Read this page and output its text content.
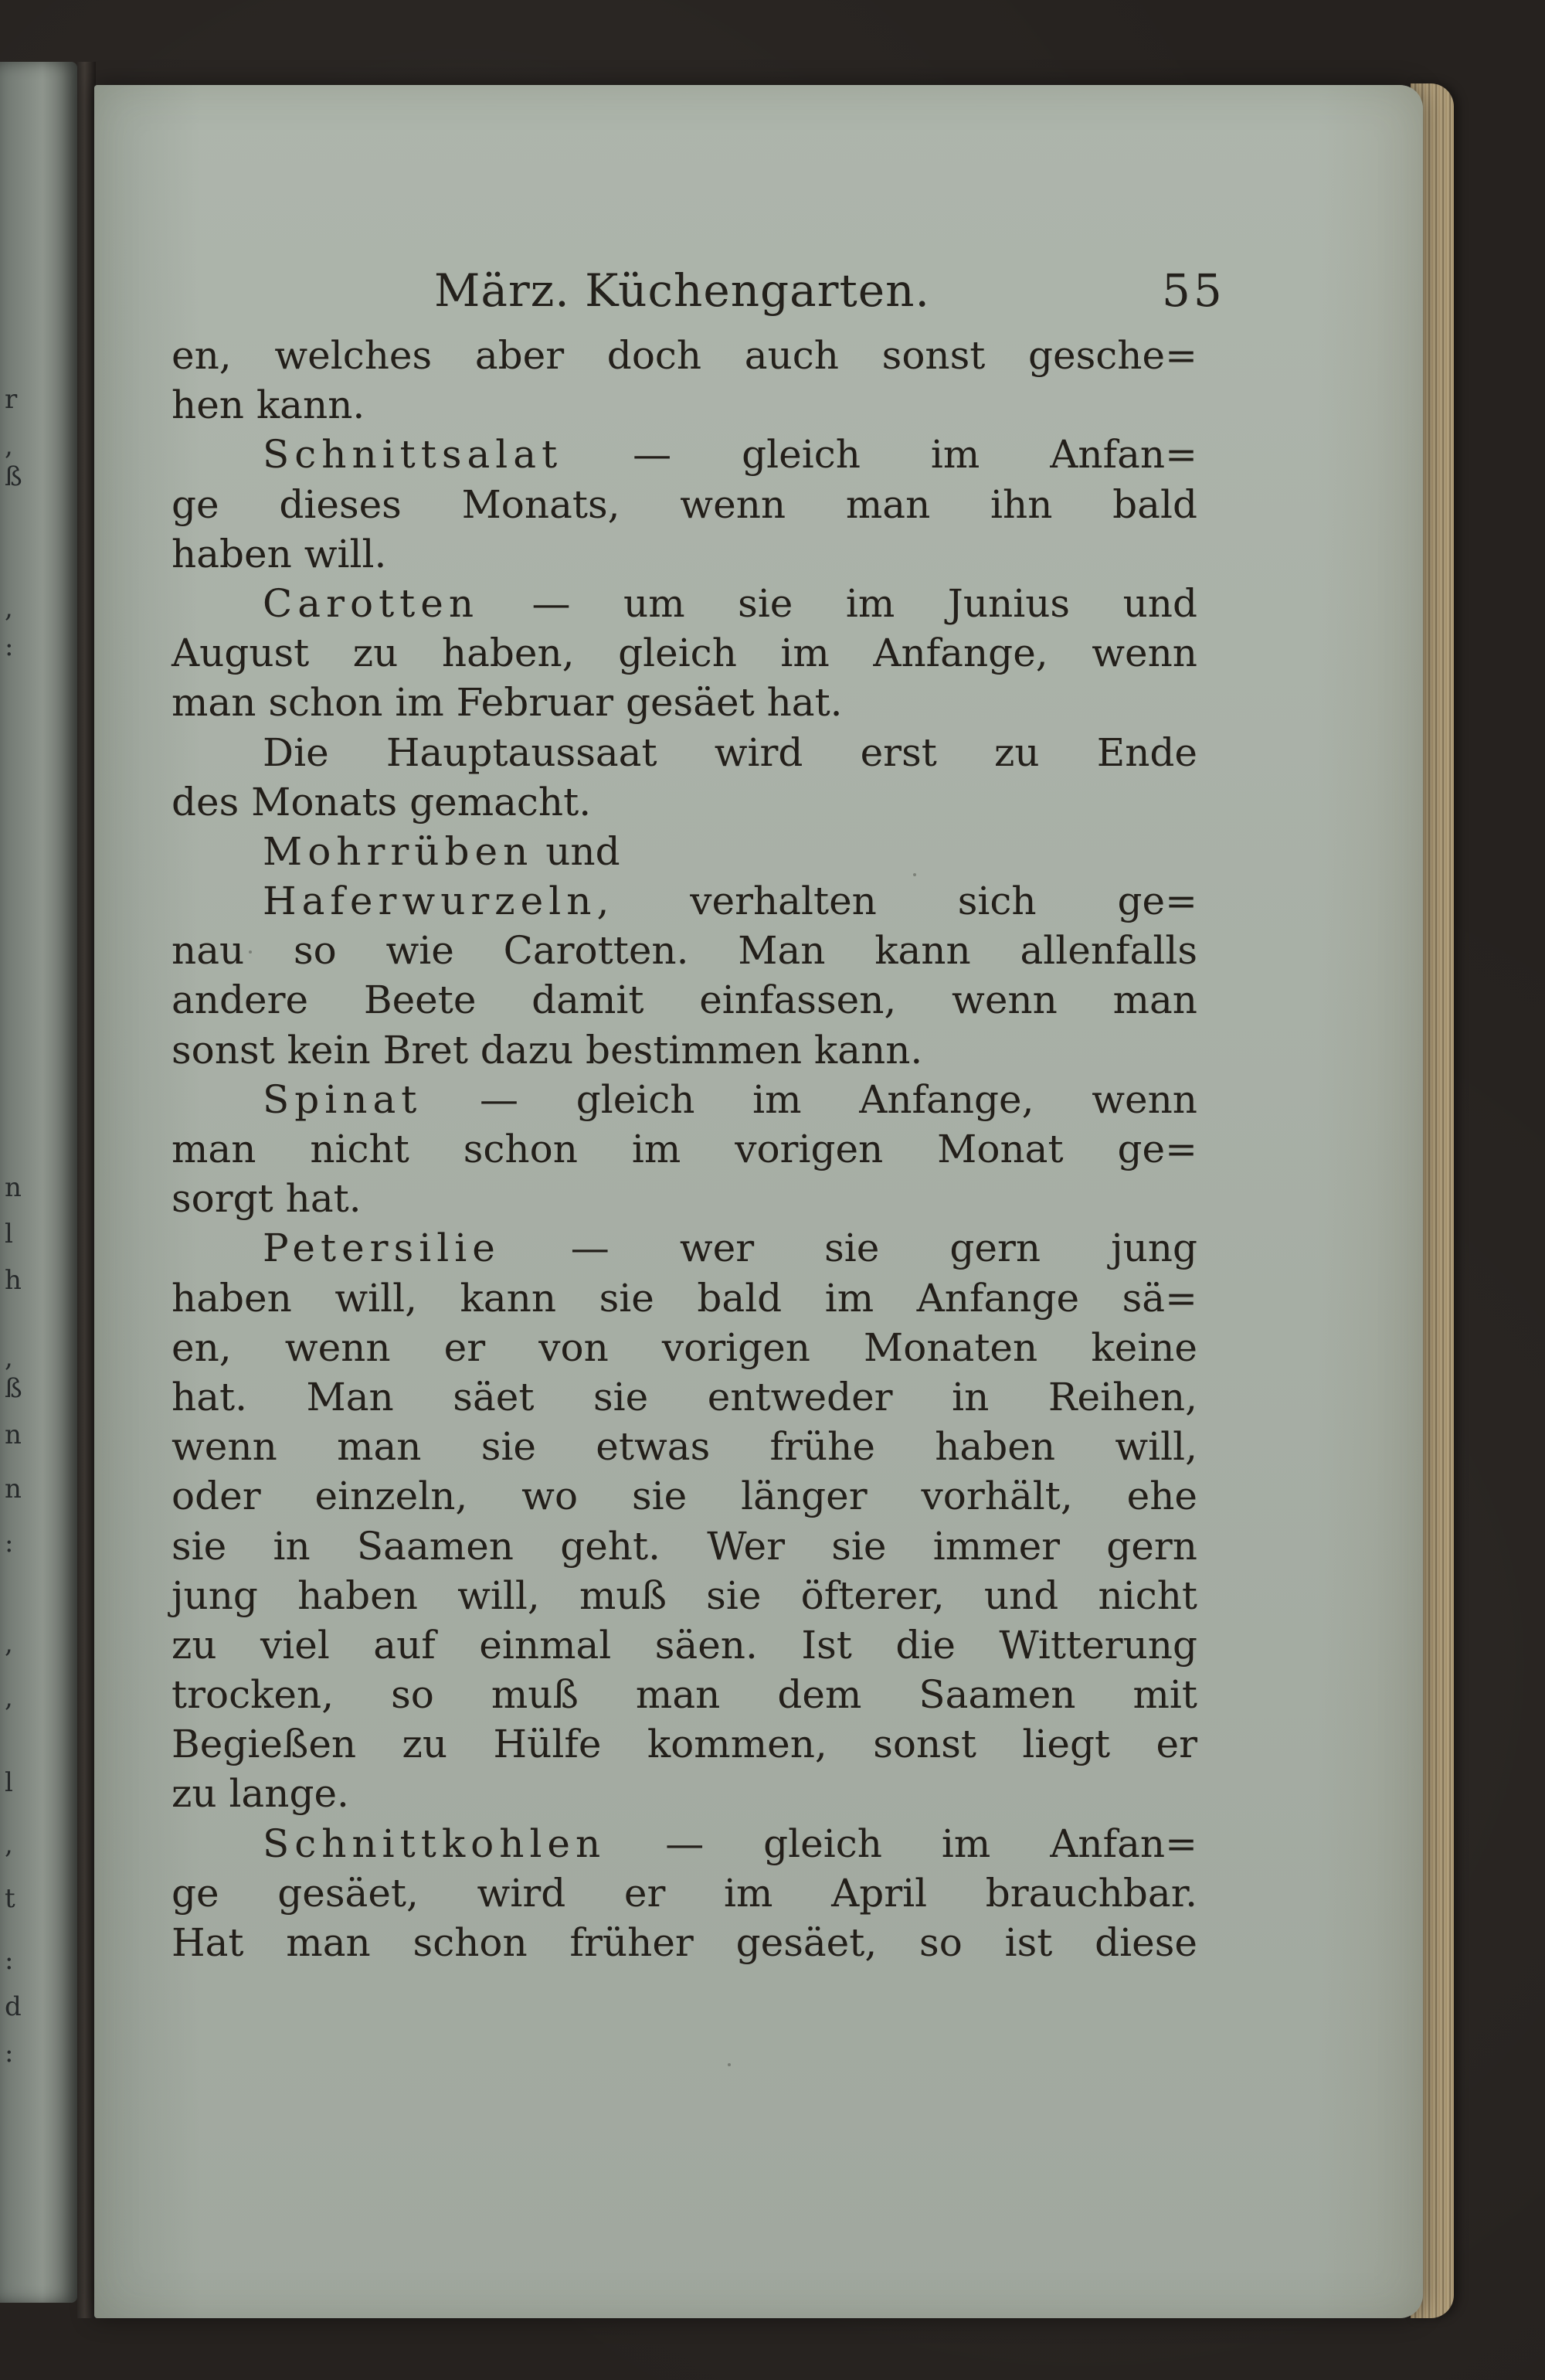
r
,
ß
,
:
n
l
h
,
ß
n
n
:
,
,
l
,
t
:
d
:
März. Küchengarten.	55
en, welches aber doch auch sonst gesche=
hen kann.
Schnittsalat — gleich im Anfan=
ge dieses Monats, wenn man ihn bald
haben will.
Carotten — um sie im Junius und
August zu haben, gleich im Anfange, wenn
man schon im Februar gesäet hat.
Die Hauptaussaat wird erst zu Ende
des Monats gemacht.
Mohrrüben und
Haferwurzeln, verhalten sich ge=
nau so wie Carotten. Man kann allenfalls
andere Beete damit einfassen, wenn man
sonst kein Bret dazu bestimmen kann.
Spinat — gleich im Anfange, wenn
man nicht schon im vorigen Monat ge=
sorgt hat.
Petersilie — wer sie gern jung
haben will, kann sie bald im Anfange sä=
en, wenn er von vorigen Monaten keine
hat. Man säet sie entweder in Reihen,
wenn man sie etwas frühe haben will,
oder einzeln, wo sie länger vorhält, ehe
sie in Saamen geht. Wer sie immer gern
jung haben will, muß sie öfterer, und nicht
zu viel auf einmal säen. Ist die Witterung
trocken, so muß man dem Saamen mit
Begießen zu Hülfe kommen, sonst liegt er
zu lange.
Schnittkohlen — gleich im Anfan=
ge gesäet, wird er im April brauchbar.
Hat man schon früher gesäet, so ist diese
